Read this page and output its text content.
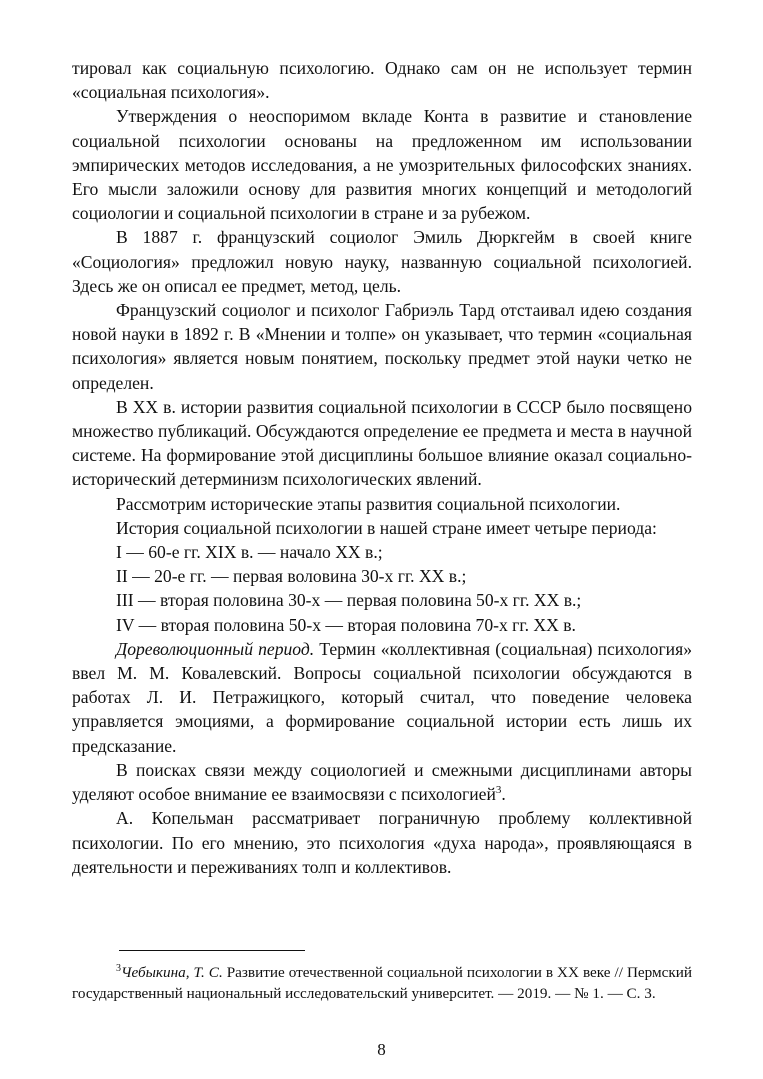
тировал как социальную психологию. Однако сам он не использует термин «социальная психология».

Утверждения о неоспоримом вкладе Конта в развитие и становление социальной психологии основаны на предложенном им использовании эмпирических методов исследования, а не умозрительных философских знаниях. Его мысли заложили основу для развития многих концепций и методологий социологии и социальной психологии в стране и за рубежом.

В 1887 г. французский социолог Эмиль Дюркгейм в своей книге «Социология» предложил новую науку, названную социальной психологией. Здесь же он описал ее предмет, метод, цель.

Французский социолог и психолог Габриэль Тард отстаивал идею создания новой науки в 1892 г. В «Мнении и толпе» он указывает, что термин «социальная психология» является новым понятием, поскольку предмет этой науки четко не определен.

В ХХ в. истории развития социальной психологии в СССР было посвящено множество публикаций. Обсуждаются определение ее предмета и места в научной системе. На формирование этой дисциплины большое влияние оказал социально-исторический детерминизм психологических явлений.

Рассмотрим исторические этапы развития социальной психологии.

История социальной психологии в нашей стране имеет четыре периода:

I — 60-е гг. XIX в. — начало XX в.;

II — 20-е гг. — первая воловина 30-х гг. XX в.;

III — вторая половина 30-х — первая половина 50-х гг. XX в.;

IV — вторая половина 50-х — вторая половина 70-х гг. XX в.

Дореволюционный период. Термин «коллективная (социальная) психология» ввел М. М. Ковалевский. Вопросы социальной психологии обсуждаются в работах Л. И. Петражицкого, который считал, что поведение человека управляется эмоциями, а формирование социальной истории есть лишь их предсказание.

В поисках связи между социологией и смежными дисциплинами авторы уделяют особое внимание ее взаимосвязи с психологией$^3$.

А. Копельман рассматривает пограничную проблему коллективной психологии. По его мнению, это психология «духа народа», проявляющаяся в деятельности и переживаниях толп и коллективов.

$^3$Чебыкина, Т. С. Развитие отечественной социальной психологии в XX веке // Пермский государственный национальный исследовательский университет. — 2019. — № 1. — С. 3.

8
